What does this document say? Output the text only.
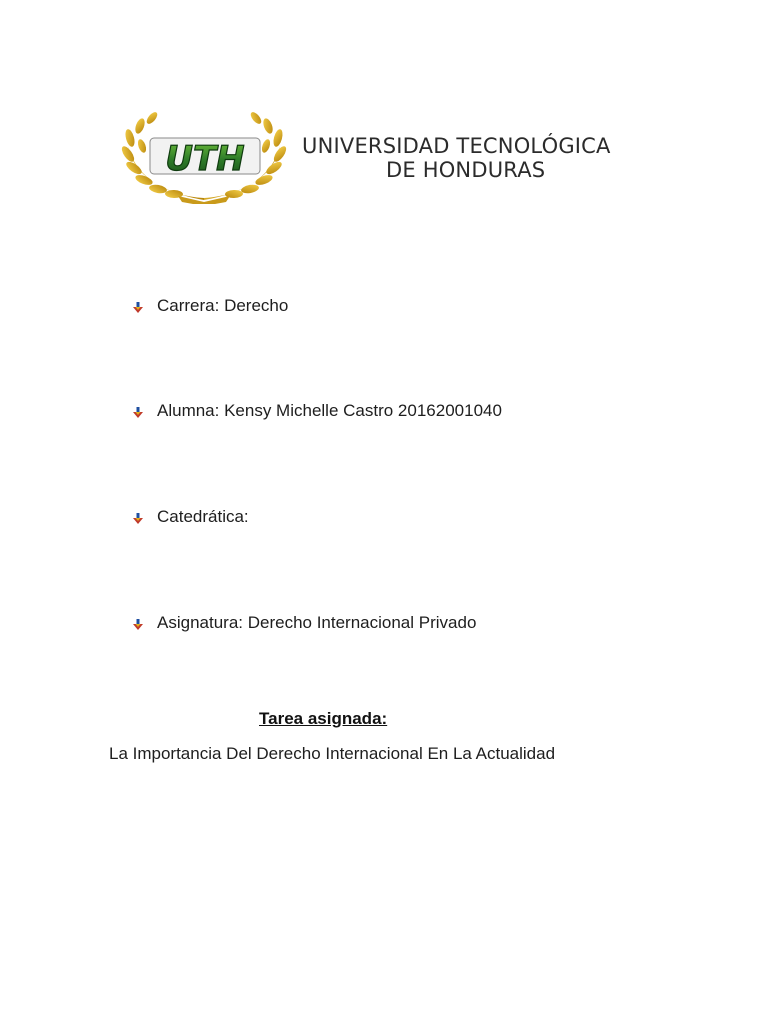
UTH	UNIVERSIDAD TECNOLÓGICA
DE HONDURAS
Carrera: Derecho
Alumna: Kensy Michelle Castro 20162001040
Catedrática:
Asignatura: Derecho Internacional Privado
Tarea asignada:
La Importancia Del Derecho Internacional En La Actualidad
